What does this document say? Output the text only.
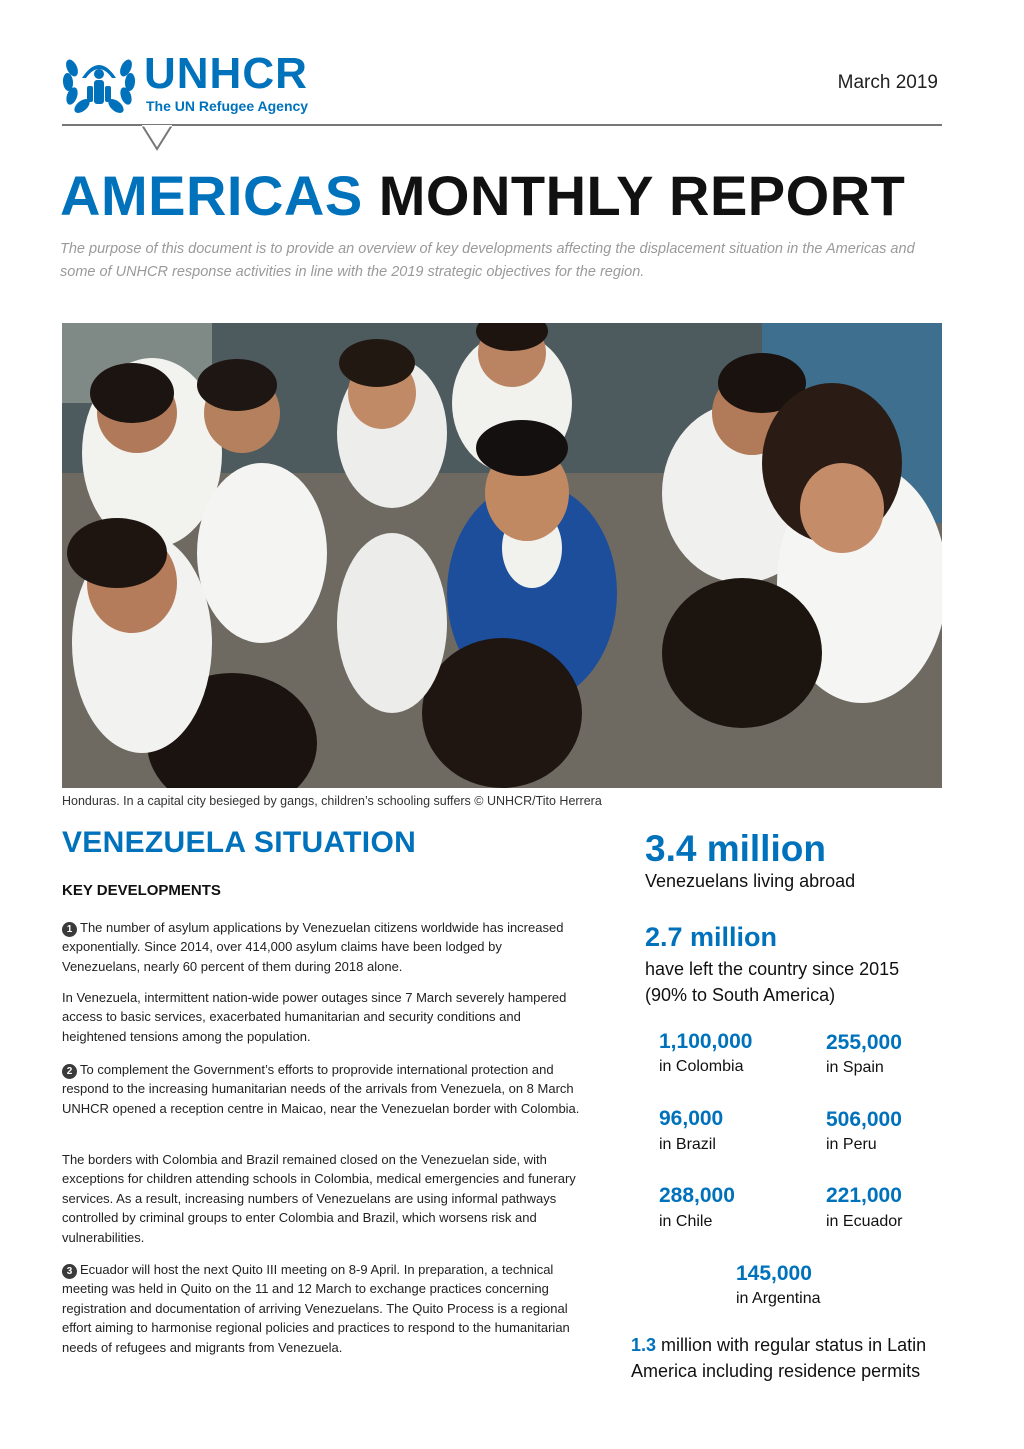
UNHCR
The UN Refugee Agency
March 2019
AMERICAS MONTHLY REPORT
The purpose of this document is to provide an overview of key developments affecting the displacement situation in the Americas and some of UNHCR response activities in line with the 2019 strategic objectives for the region.
Honduras. In a capital city besieged by gangs, children’s schooling suffers © UNHCR/Tito Herrera
VENEZUELA SITUATION
KEY DEVELOPMENTS
1 The number of asylum applications by Venezuelan citizens worldwide has increased exponentially. Since 2014, over 414,000 asylum claims have been lodged by Venezuelans, nearly 60 percent of them during 2018 alone.
In Venezuela, intermittent nation-wide power outages since 7 March severely hampered access to basic services, exacerbated humanitarian and security conditions and heightened tensions among the population.
2 To complement the Government’s efforts to proprovide international protection and respond to the increasing humanitarian needs of the arrivals from Venezuela, on 8 March UNHCR opened a reception centre in Maicao, near the Venezuelan border with Colombia.
The borders with Colombia and Brazil remained closed on the Venezuelan side, with exceptions for children attending schools in Colombia, medical emergencies and funerary services. As a result, increasing numbers of Venezuelans are using informal pathways controlled by criminal groups to enter Colombia and Brazil, which worsens risk and vulnerabilities.
3 Ecuador will host the next Quito III meeting on 8-9 April. In preparation, a technical meeting was held in Quito on the 11 and 12 March to exchange practices concerning registration and documentation of arriving Venezuelans. The Quito Process is a regional effort aiming to harmonise regional policies and practices to respond to the humanitarian needs of refugees and migrants from Venezuela.
3.4 million
Venezuelans living abroad
2.7 million
have left the country since 2015
(90% to South America)
1,100,000
in Colombia
255,000
in Spain
96,000
in Brazil
506,000
in Peru
288,000
in Chile
221,000
in Ecuador
145,000
in Argentina
1.3 million with regular status in Latin America including residence permits
